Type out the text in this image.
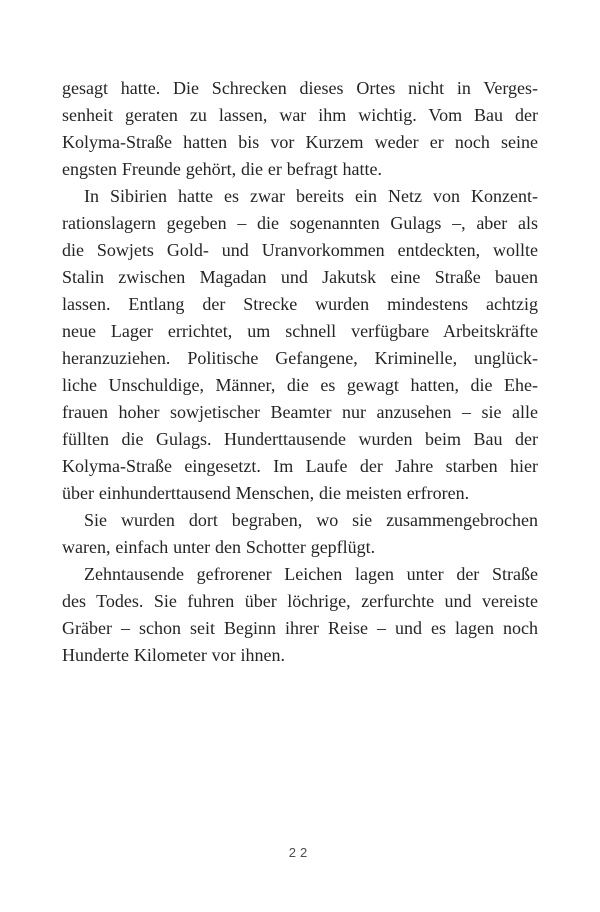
gesagt hatte. Die Schrecken dieses Ortes nicht in Verges-
senheit geraten zu lassen, war ihm wichtig. Vom Bau der
Kolyma-Straße hatten bis vor Kurzem weder er noch seine
engsten Freunde gehört, die er befragt hatte.
In Sibirien hatte es zwar bereits ein Netz von Konzent-
rationslagern gegeben – die sogenannten Gulags –, aber als
die Sowjets Gold- und Uranvorkommen entdeckten, wollte
Stalin zwischen Magadan und Jakutsk eine Straße bauen
lassen. Entlang der Strecke wurden mindestens achtzig
neue Lager errichtet, um schnell verfügbare Arbeitskräfte
heranzuziehen. Politische Gefangene, Kriminelle, unglück-
liche Unschuldige, Männer, die es gewagt hatten, die Ehe-
frauen hoher sowjetischer Beamter nur anzusehen – sie alle
füllten die Gulags. Hunderttausende wurden beim Bau der
Kolyma-Straße eingesetzt. Im Laufe der Jahre starben hier
über einhunderttausend Menschen, die meisten erfroren.
Sie wurden dort begraben, wo sie zusammengebrochen
waren, einfach unter den Schotter gepflügt.
Zehntausende gefrorener Leichen lagen unter der Straße
des Todes. Sie fuhren über löchrige, zerfurchte und vereiste
Gräber – schon seit Beginn ihrer Reise – und es lagen noch
Hunderte Kilometer vor ihnen.
22
